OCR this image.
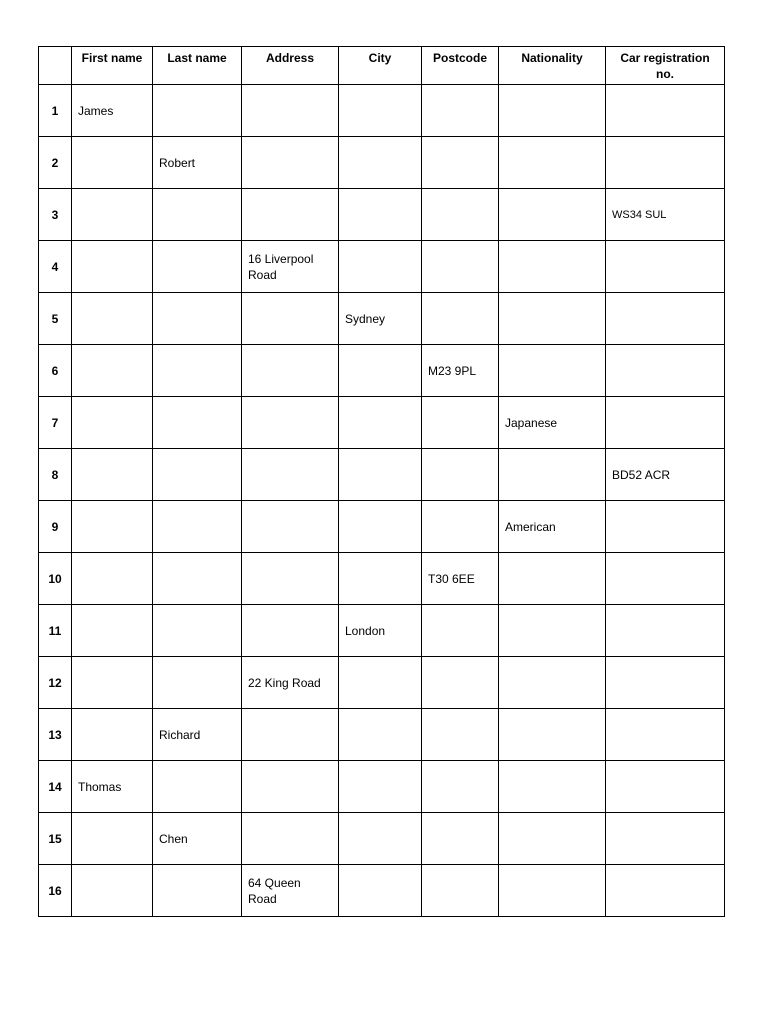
	First name	Last name	Address	City	Postcode	Nationality	Car registration no.
1	James						
2		Robert					
3							WS34 SUL
4			16 Liverpool Road				
5				Sydney			
6					M23 9PL		
7						Japanese	
8							BD52 ACR
9						American	
10					T30 6EE		
11				London			
12			22 King Road				
13		Richard					
14	Thomas						
15		Chen					
16			64 Queen Road				
